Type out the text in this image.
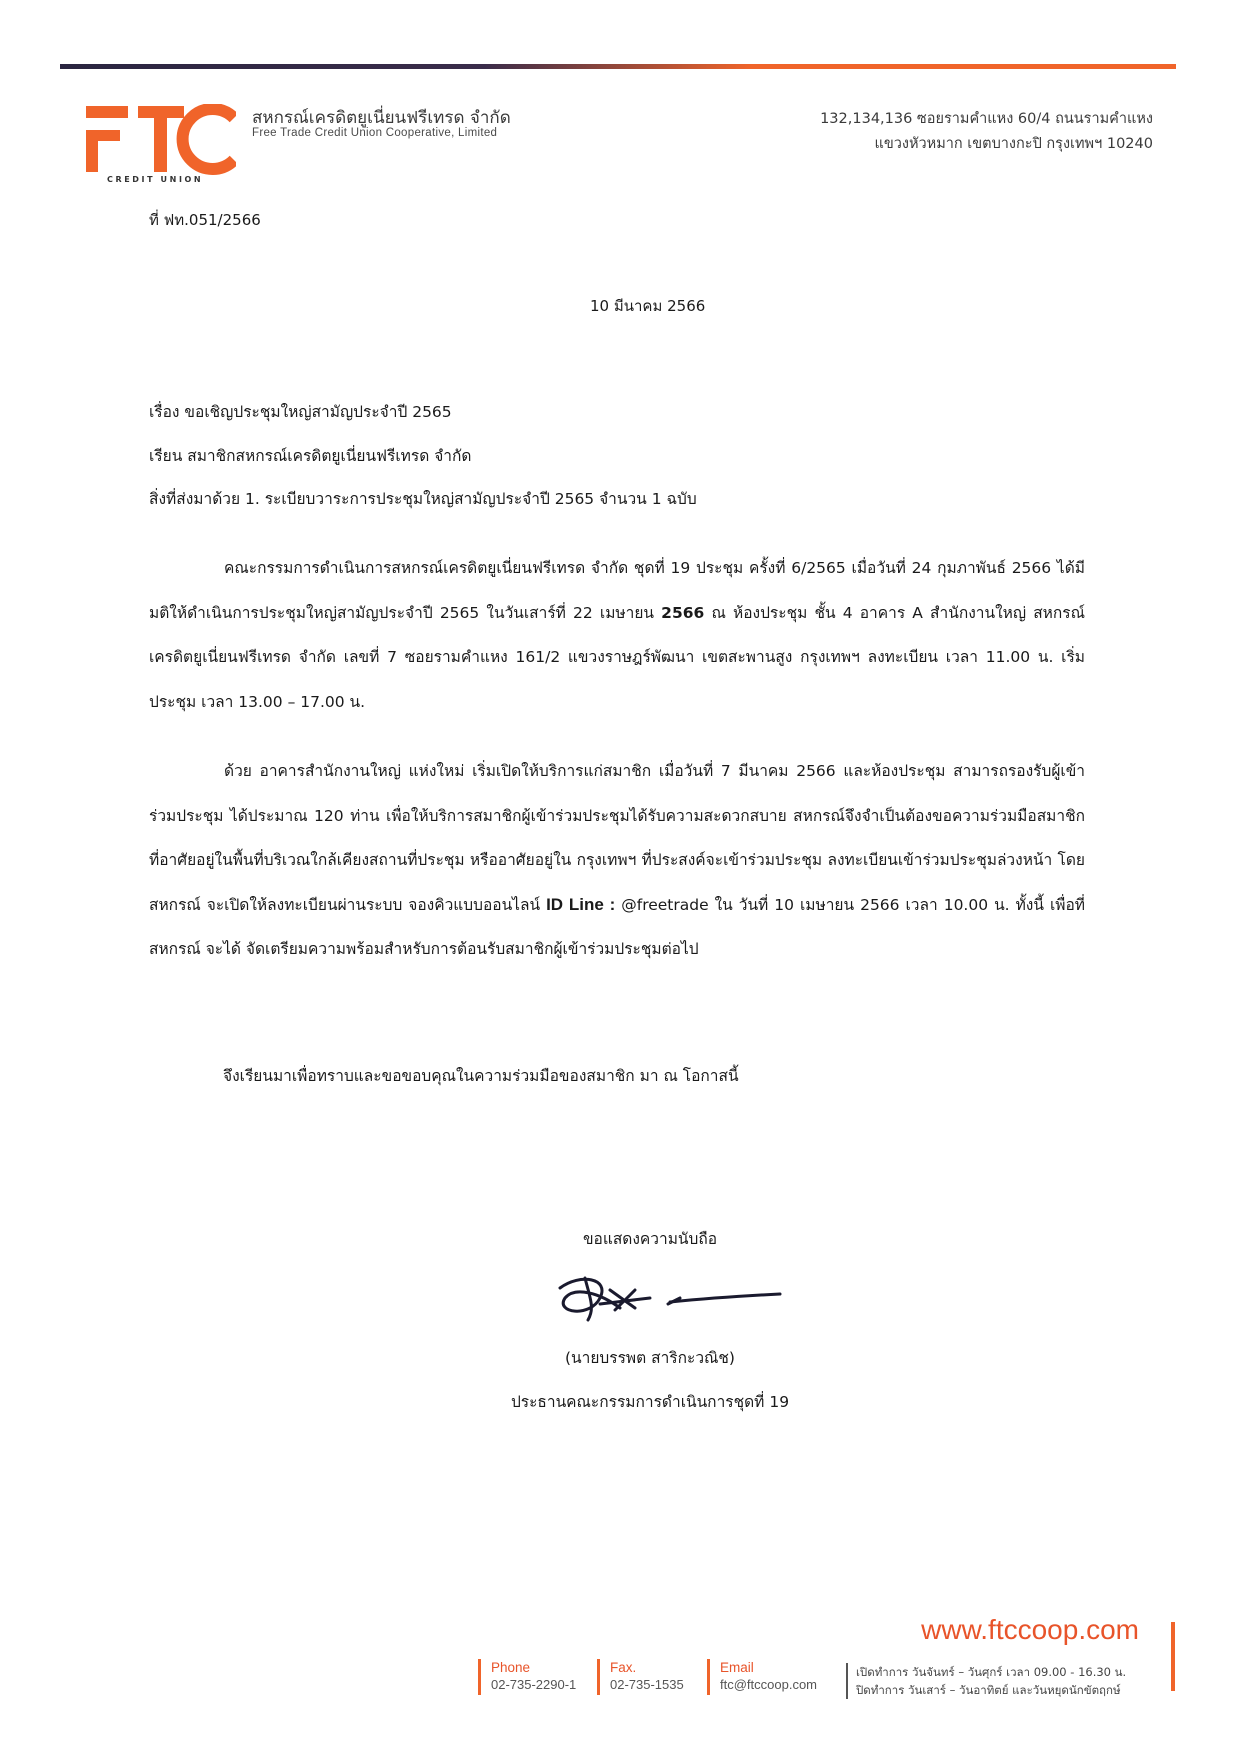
CREDIT UNION
สหกรณ์เครดิตยูเนี่ยนฟรีเทรด จำกัด
Free Trade Credit Union Cooperative, Limited
132,134,136 ซอยรามคำแหง 60/4 ถนนรามคำแหง
แขวงหัวหมาก เขตบางกะปิ กรุงเทพฯ 10240
ที่ ฟท.051/2566
10 มีนาคม 2566
เรื่อง ขอเชิญประชุมใหญ่สามัญประจำปี 2565
เรียน สมาชิกสหกรณ์เครดิตยูเนี่ยนฟรีเทรด จำกัด
สิ่งที่ส่งมาด้วย 1. ระเบียบวาระการประชุมใหญ่สามัญประจำปี 2565 จำนวน 1 ฉบับ
คณะกรรมการดำเนินการสหกรณ์เครดิตยูเนี่ยนฟรีเทรด จำกัด ชุดที่ 19 ประชุม ครั้งที่ 6/2565 เมื่อวันที่ 24 กุมภาพันธ์ 2566 ได้มีมติให้ดำเนินการประชุมใหญ่สามัญประจำปี 2565 ในวันเสาร์ที่ 22 เมษายน 2566 ณ ห้องประชุม ชั้น 4 อาคาร A สำนักงานใหญ่ สหกรณ์เครดิตยูเนี่ยนฟรีเทรด จำกัด เลขที่ 7 ซอยรามคำแหง 161/2 แขวงราษฎร์พัฒนา เขตสะพานสูง กรุงเทพฯ ลงทะเบียน เวลา 11.00 น. เริ่มประชุม เวลา 13.00 – 17.00 น.
ด้วย อาคารสำนักงานใหญ่ แห่งใหม่ เริ่มเปิดให้บริการแก่สมาชิก เมื่อวันที่ 7 มีนาคม 2566 และห้องประชุม สามารถรองรับผู้เข้าร่วมประชุม ได้ประมาณ 120 ท่าน เพื่อให้บริการสมาชิกผู้เข้าร่วมประชุมได้รับความสะดวกสบาย สหกรณ์จึงจำเป็นต้องขอความร่วมมือสมาชิกที่อาศัยอยู่ในพื้นที่บริเวณใกล้เคียงสถานที่ประชุม หรืออาศัยอยู่ใน กรุงเทพฯ ที่ประสงค์จะเข้าร่วมประชุม ลงทะเบียนเข้าร่วมประชุมล่วงหน้า โดยสหกรณ์ จะเปิดให้ลงทะเบียนผ่านระบบ จองคิวแบบออนไลน์ ID Line : @freetrade ใน วันที่ 10 เมษายน 2566 เวลา 10.00 น. ทั้งนี้ เพื่อที่สหกรณ์ จะได้ จัดเตรียมความพร้อมสำหรับการต้อนรับสมาชิกผู้เข้าร่วมประชุมต่อไป
จึงเรียนมาเพื่อทราบและขอขอบคุณในความร่วมมือของสมาชิก มา ณ โอกาสนี้
ขอแสดงความนับถือ
(นายบรรพต สาริกะวณิช)
ประธานคณะกรรมการดำเนินการชุดที่ 19
www.ftccoop.com
Phone
02-735-2290-1
Fax.
02-735-1535
Email
ftc@ftccoop.com
เปิดทำการ วันจันทร์ – วันศุกร์ เวลา 09.00 - 16.30 น.
ปิดทำการ วันเสาร์ – วันอาทิตย์ และวันหยุดนักขัตฤกษ์
